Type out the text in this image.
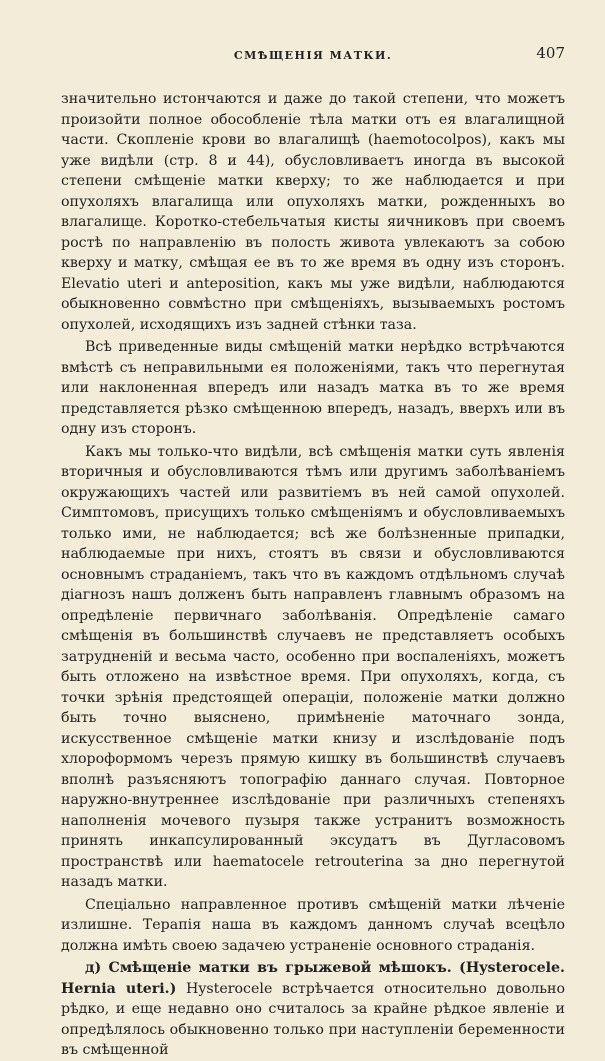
СМѢЩЕНІЯ МАТКИ.	407

значительно истончаются и даже до такой степени, что можетъ произойти полное обособленіе тѣла матки отъ ея влагалищной части. Скопленіе крови во влагалищѣ (haemotocolpos), какъ мы уже видѣли (стр. 8 и 44), обусловливаетъ иногда въ высокой степени смѣщеніе матки кверху; то же наблюдается и при опухоляхъ влагалища или опухоляхъ матки, рожденныхъ во влагалище. Коротко-стебельчатыя кисты яичниковъ при своемъ ростѣ по направленію въ полость живота увлекаютъ за собою кверху и матку, смѣщая ее въ то же время въ одну изъ сторонъ. Elevatio uteri и anteposition, какъ мы уже видѣли, наблюдаются обыкновенно совмѣстно при смѣщеніяхъ, вызываемыхъ ростомъ опухолей, исходящихъ изъ задней стѣнки таза.

Всѣ приведенные виды смѣщеній матки нерѣдко встрѣчаются вмѣстѣ съ неправильными ея положеніями, такъ что перегнутая или наклоненная впередъ или назадъ матка въ то же время представляется рѣзко смѣщенною впередъ, назадъ, вверхъ или въ одну изъ сторонъ.

Какъ мы только-что видѣли, всѣ смѣщенія матки суть явленія вторичныя и обусловливаются тѣмъ или другимъ заболѣваніемъ окружающихъ частей или развитіемъ въ ней самой опухолей. Симптомовъ, присущихъ только смѣщеніямъ и обусловливаемыхъ только ими, не наблюдается; всѣ же болѣзненные припадки, наблюдаемые при нихъ, стоятъ въ связи и обусловливаются основнымъ страданіемъ, такъ что въ каждомъ отдѣльномъ случаѣ діагнозъ нашъ долженъ быть направленъ главнымъ образомъ на опредѣленіе первичнаго заболѣванія. Опредѣленіе самаго смѣщенія въ большинствѣ случаевъ не представляетъ особыхъ затрудненій и весьма часто, особенно при воспаленіяхъ, можетъ быть отложено на извѣстное время. При опухоляхъ, когда, съ точки зрѣнія предстоящей операціи, положеніе матки должно быть точно выяснено, примѣненіе маточнаго зонда, искусственное смѣщеніе матки книзу и изслѣдованіе подъ хлороформомъ черезъ прямую кишку въ большинствѣ случаевъ вполнѣ разъясняютъ топографію даннаго случая. Повторное наружно-внутреннее изслѣдованіе при различныхъ степеняхъ наполненія мочевого пузыря также устранитъ возможность принять инкапсулированный эксудатъ въ Дугласовомъ пространствѣ или haematocele retrouterina за дно перегнутой назадъ матки.

Спеціально направленное противъ смѣщеній матки лѣченіе излишне. Терапія наша въ каждомъ данномъ случаѣ всецѣло должна имѣть своею задачею устраненіе основного страданія.

д) Смѣщеніе матки въ грыжевой мѣшокъ. (Hysterocele. Hernia uteri.) Hysterocele встрѣчается относительно довольно рѣдко, и еще недавно оно считалось за крайне рѣдкое явленіе и опредѣлялось обыкновенно только при наступленіи беременности въ смѣщенной
